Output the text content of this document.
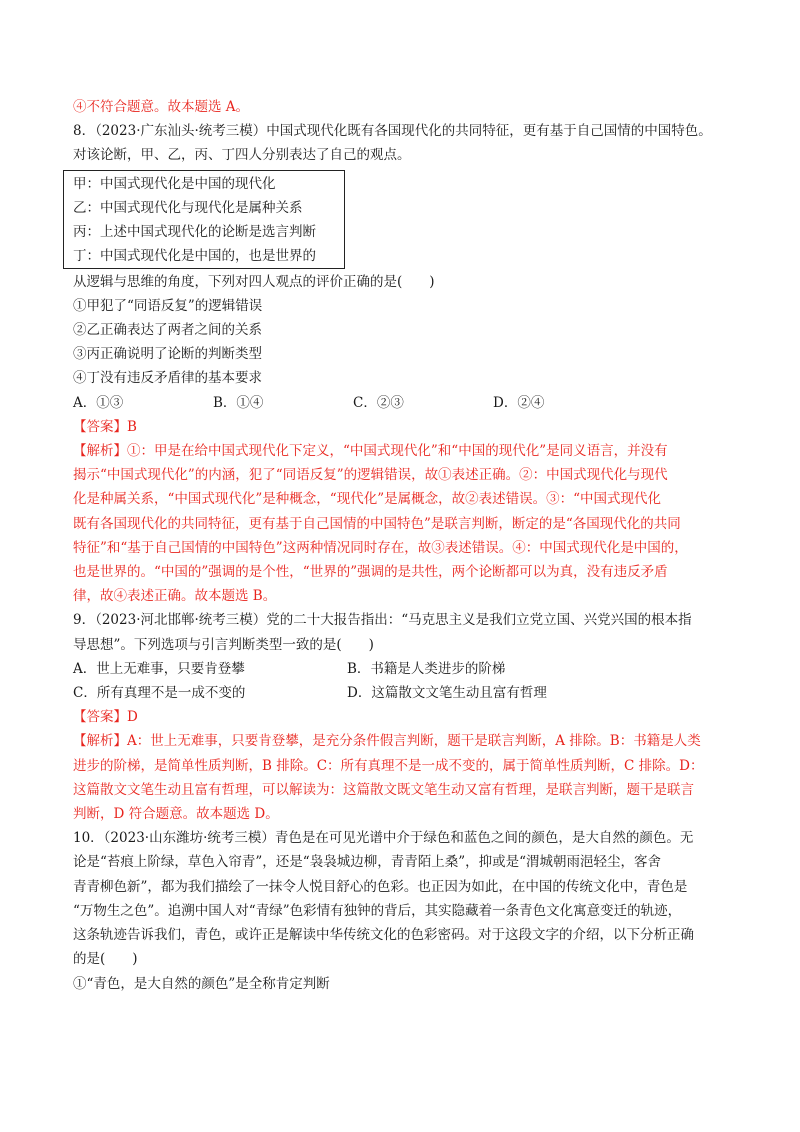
④不符合题意。故本题选 A。
8．（2023·广东汕头·统考三模）中国式现代化既有各国现代化的共同特征，更有基于自己国情的中国特色。
对该论断，甲、乙，丙、丁四人分别表达了自己的观点。
甲：中国式现代化是中国的现代化
乙：中国式现代化与现代化是属种关系
丙：上述中国式现代化的论断是选言判断
丁：中国式现代化是中国的，也是世界的
从逻辑与思维的角度，下列对四人观点的评价正确的是(　　)
①甲犯了“同语反复”的逻辑错误
②乙正确表达了两者之间的关系
③丙正确说明了论断的判断类型
④丁没有违反矛盾律的基本要求
A．①③	B．①④	C．②③	D．②④
【答案】B
【解析】①：甲是在给中国式现代化下定义，“中国式现代化”和“中国的现代化”是同义语言，并没有
揭示“中国式现代化”的内涵，犯了“同语反复”的逻辑错误，故①表述正确。②：中国式现代化与现代
化是种属关系，“中国式现代化”是种概念，“现代化”是属概念，故②表述错误。③：“中国式现代化
既有各国现代化的共同特征，更有基于自己国情的中国特色”是联言判断，断定的是“各国现代化的共同
特征”和“基于自己国情的中国特色”这两种情况同时存在，故③表述错误。④：中国式现代化是中国的，
也是世界的。“中国的”强调的是个性，“世界的”强调的是共性，两个论断都可以为真，没有违反矛盾
律，故④表述正确。故本题选 B。
9．（2023·河北邯郸·统考三模）党的二十大报告指出：“马克思主义是我们立党立国、兴党兴国的根本指
导思想”。下列选项与引言判断类型一致的是(　　)
A．世上无难事，只要肯登攀	B．书籍是人类进步的阶梯
C．所有真理不是一成不变的	D．这篇散文文笔生动且富有哲理
【答案】D
【解析】A：世上无难事，只要肯登攀，是充分条件假言判断，题干是联言判断，A 排除。B：书籍是人类
进步的阶梯，是简单性质判断，B 排除。C：所有真理不是一成不变的，属于简单性质判断，C 排除。D：
这篇散文文笔生动且富有哲理，可以解读为：这篇散文既文笔生动又富有哲理，是联言判断，题干是联言
判断，D 符合题意。故本题选 D。
10．（2023·山东潍坊·统考三模）青色是在可见光谱中介于绿色和蓝色之间的颜色，是大自然的颜色。无
论是“苔痕上阶绿，草色入帘青”，还是“袅袅城边柳，青青陌上桑”，抑或是“渭城朝雨浥轻尘，客舍
青青柳色新”，都为我们描绘了一抹令人悦目舒心的色彩。也正因为如此，在中国的传统文化中，青色是
“万物生之色”。追溯中国人对“青绿”色彩情有独钟的背后，其实隐藏着一条青色文化寓意变迁的轨迹，
这条轨迹告诉我们，青色，或许正是解读中华传统文化的色彩密码。对于这段文字的介绍，以下分析正确
的是(　　)
①“青色，是大自然的颜色”是全称肯定判断
